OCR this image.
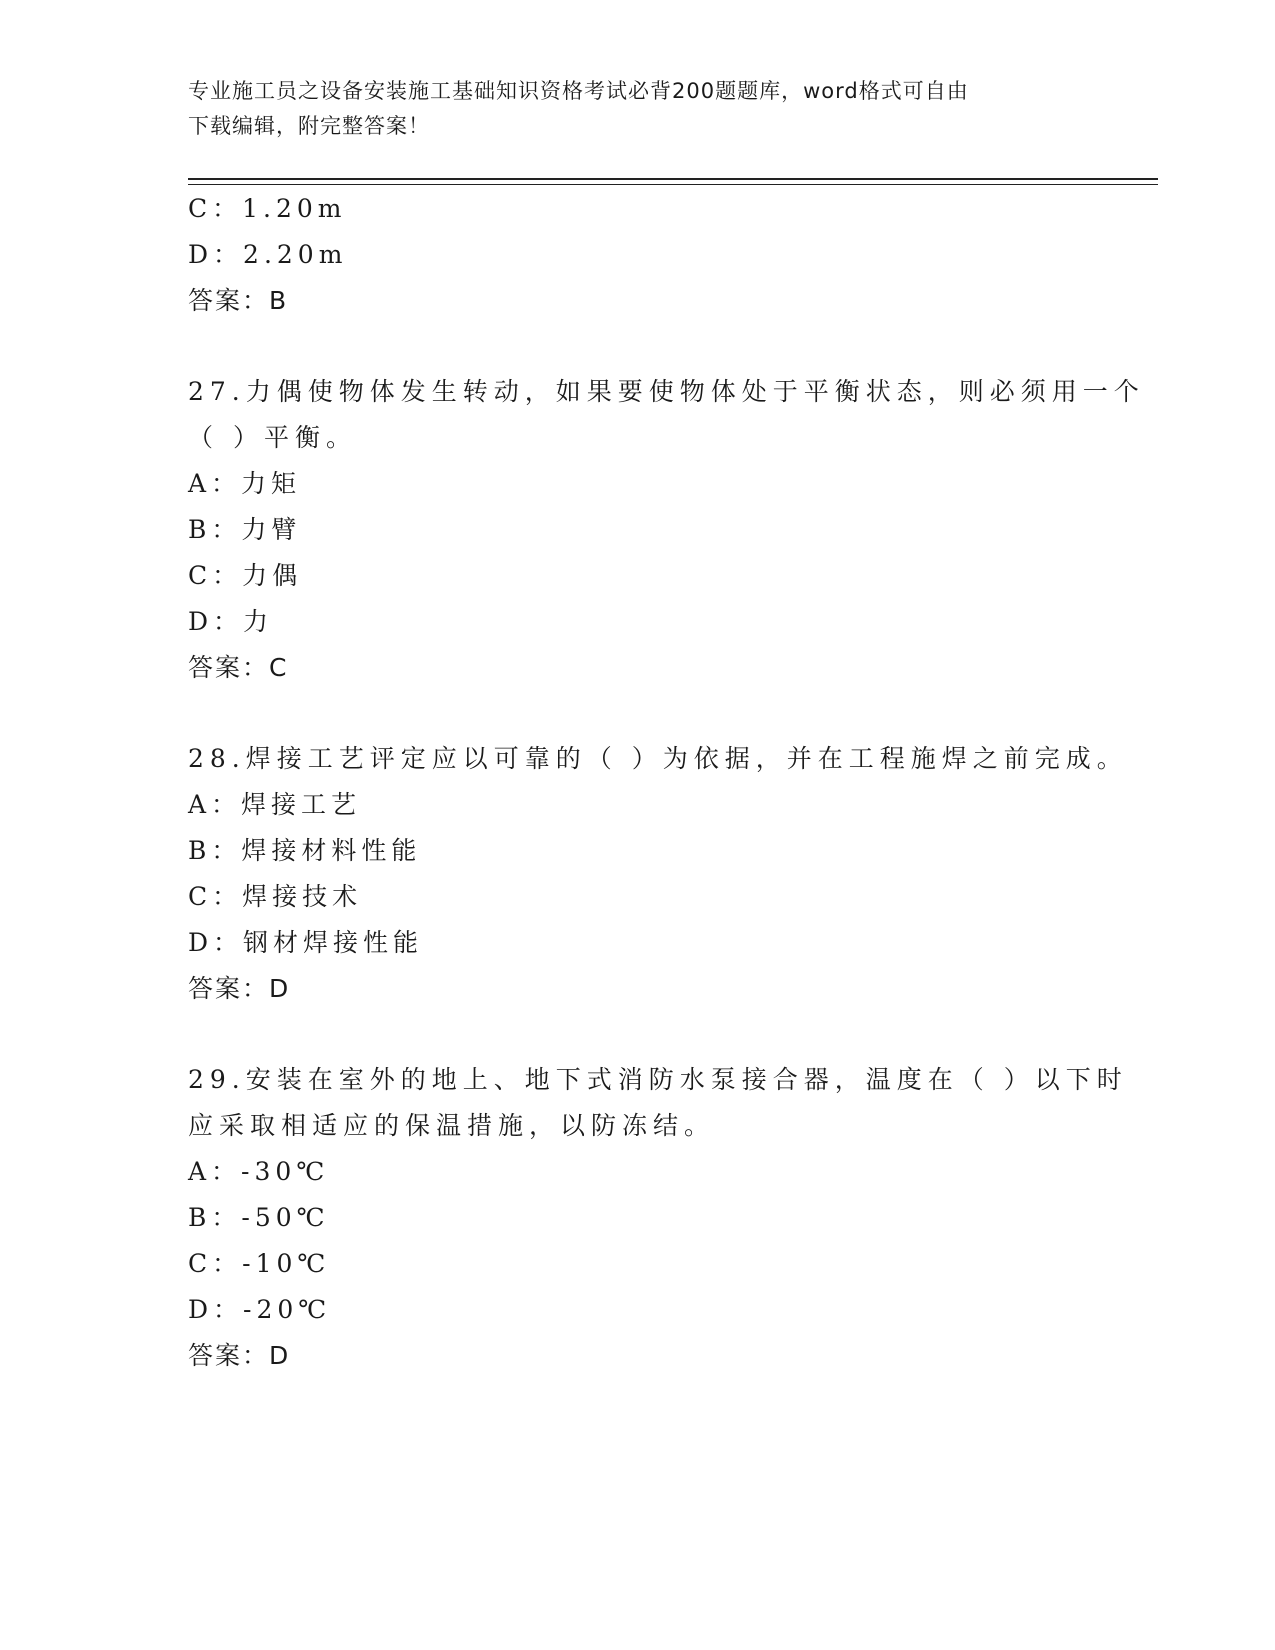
专业施工员之设备安装施工基础知识资格考试必背200题题库，word格式可自由
下载编辑，附完整答案！
C：1.20m
D：2.20m
答案：B
27.力偶使物体发生转动，如果要使物体处于平衡状态，则必须用一个
（ ）平衡。
A：力矩
B：力臂
C：力偶
D：力
答案：C
28.焊接工艺评定应以可靠的（ ）为依据，并在工程施焊之前完成。
A：焊接工艺
B：焊接材料性能
C：焊接技术
D：钢材焊接性能
答案：D
29.安装在室外的地上、地下式消防水泵接合器，温度在（ ）以下时
应采取相适应的保温措施，以防冻结。
A：-30℃
B：-50℃
C：-10℃
D：-20℃
答案：D
